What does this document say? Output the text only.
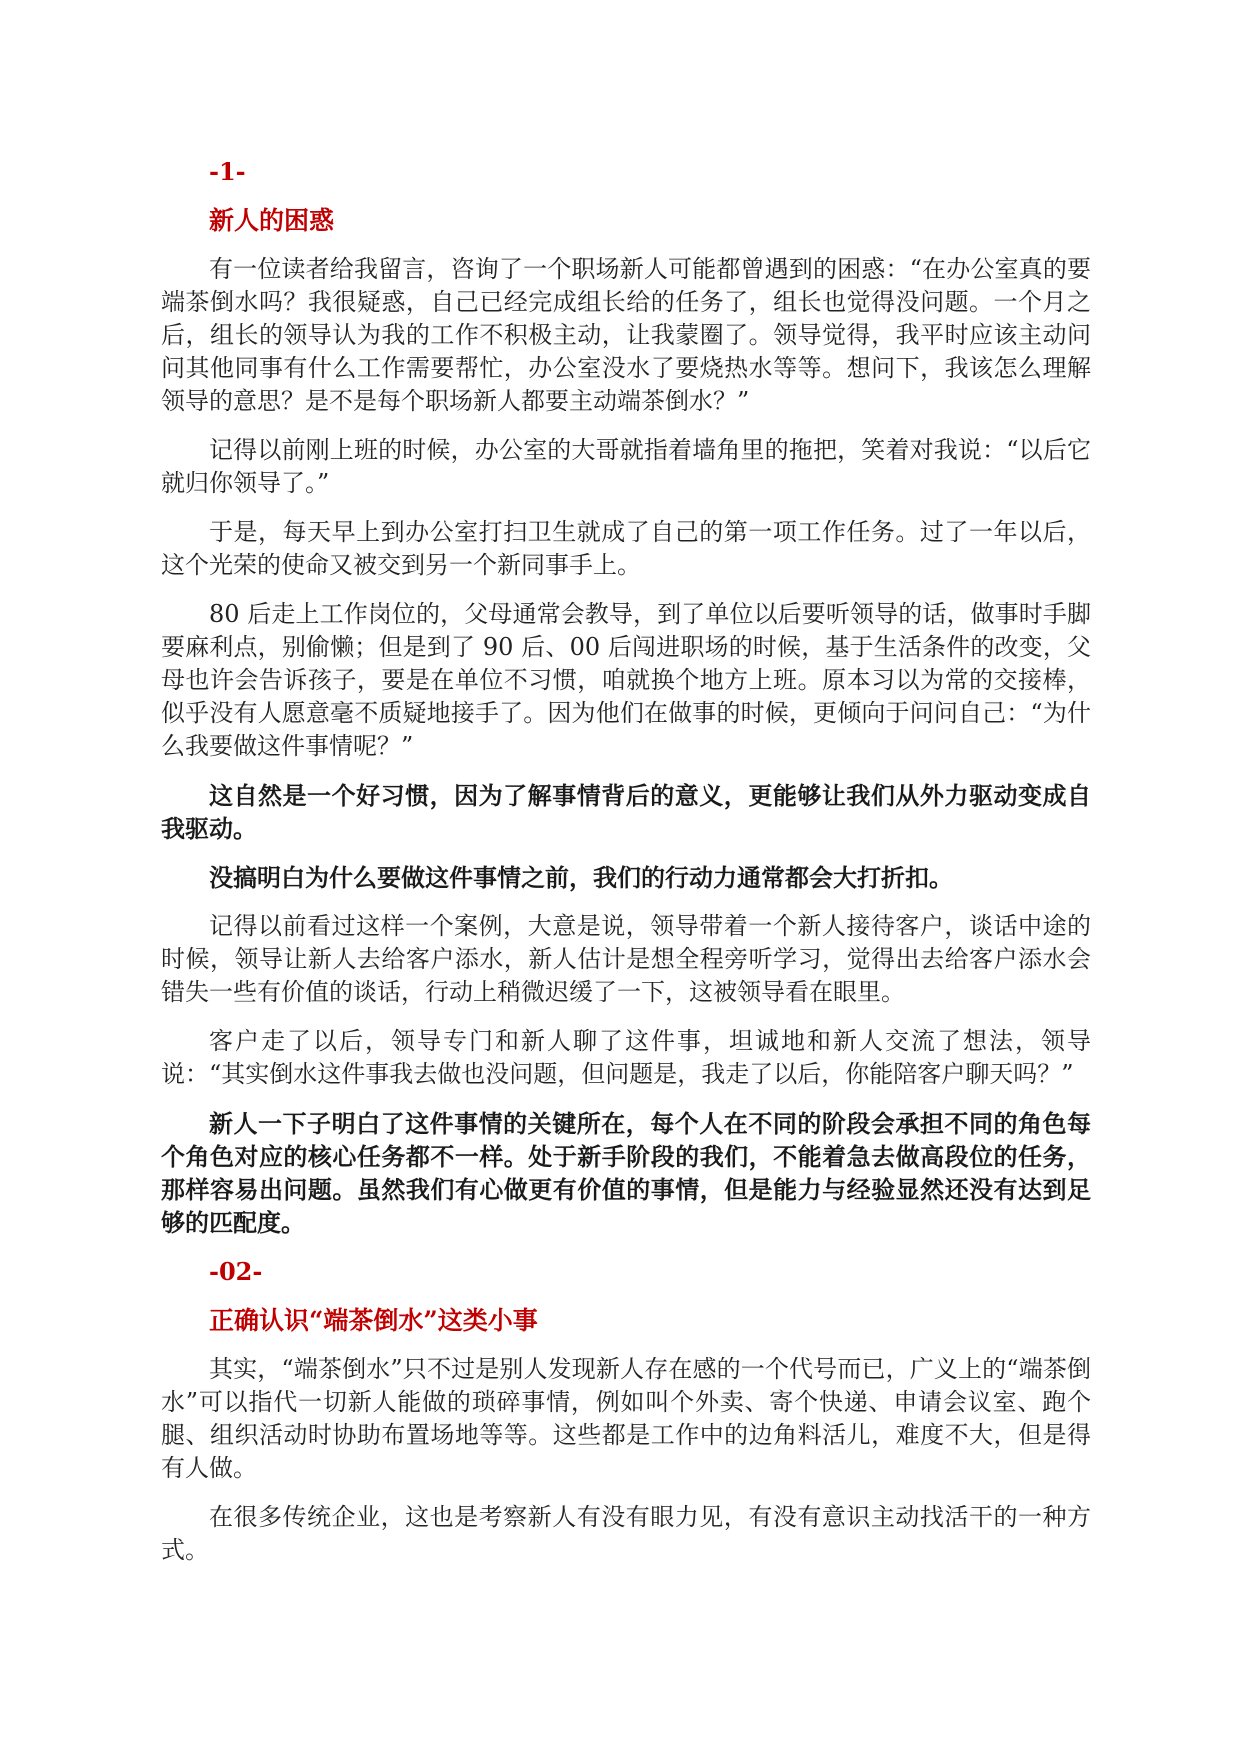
-1-
新人的困惑

有一位读者给我留言，咨询了一个职场新人可能都曾遇到的困惑：“在办公室真的要端茶倒水吗？我很疑惑，自己已经完成组长给的任务了，组长也觉得没问题。一个月之后，组长的领导认为我的工作不积极主动，让我蒙圈了。领导觉得，我平时应该主动问问其他同事有什么工作需要帮忙，办公室没水了要烧热水等等。想问下，我该怎么理解领导的意思？是不是每个职场新人都要主动端茶倒水？”

记得以前刚上班的时候，办公室的大哥就指着墙角里的拖把，笑着对我说：“以后它就归你领导了。”

于是，每天早上到办公室打扫卫生就成了自己的第一项工作任务。过了一年以后，这个光荣的使命又被交到另一个新同事手上。

80 后走上工作岗位的，父母通常会教导，到了单位以后要听领导的话，做事时手脚要麻利点，别偷懒；但是到了 90 后、00 后闯进职场的时候，基于生活条件的改变，父母也许会告诉孩子，要是在单位不习惯，咱就换个地方上班。原本习以为常的交接棒，似乎没有人愿意毫不质疑地接手了。因为他们在做事的时候，更倾向于问问自己：“为什么我要做这件事情呢？”

这自然是一个好习惯，因为了解事情背后的意义，更能够让我们从外力驱动变成自我驱动。

没搞明白为什么要做这件事情之前，我们的行动力通常都会大打折扣。

记得以前看过这样一个案例，大意是说，领导带着一个新人接待客户，谈话中途的时候，领导让新人去给客户添水，新人估计是想全程旁听学习，觉得出去给客户添水会错失一些有价值的谈话，行动上稍微迟缓了一下，这被领导看在眼里。

客户走了以后，领导专门和新人聊了这件事，坦诚地和新人交流了想法，领导说：“其实倒水这件事我去做也没问题，但问题是，我走了以后，你能陪客户聊天吗？”

新人一下子明白了这件事情的关键所在，每个人在不同的阶段会承担不同的角色每个角色对应的核心任务都不一样。处于新手阶段的我们，不能着急去做高段位的任务，那样容易出问题。虽然我们有心做更有价值的事情，但是能力与经验显然还没有达到足够的匹配度。

-02-
正确认识“端茶倒水”这类小事

其实，“端茶倒水”只不过是别人发现新人存在感的一个代号而已，广义上的“端茶倒水”可以指代一切新人能做的琐碎事情，例如叫个外卖、寄个快递、申请会议室、跑个腿、组织活动时协助布置场地等等。这些都是工作中的边角料活儿，难度不大，但是得有人做。

在很多传统企业，这也是考察新人有没有眼力见，有没有意识主动找活干的一种方式。
